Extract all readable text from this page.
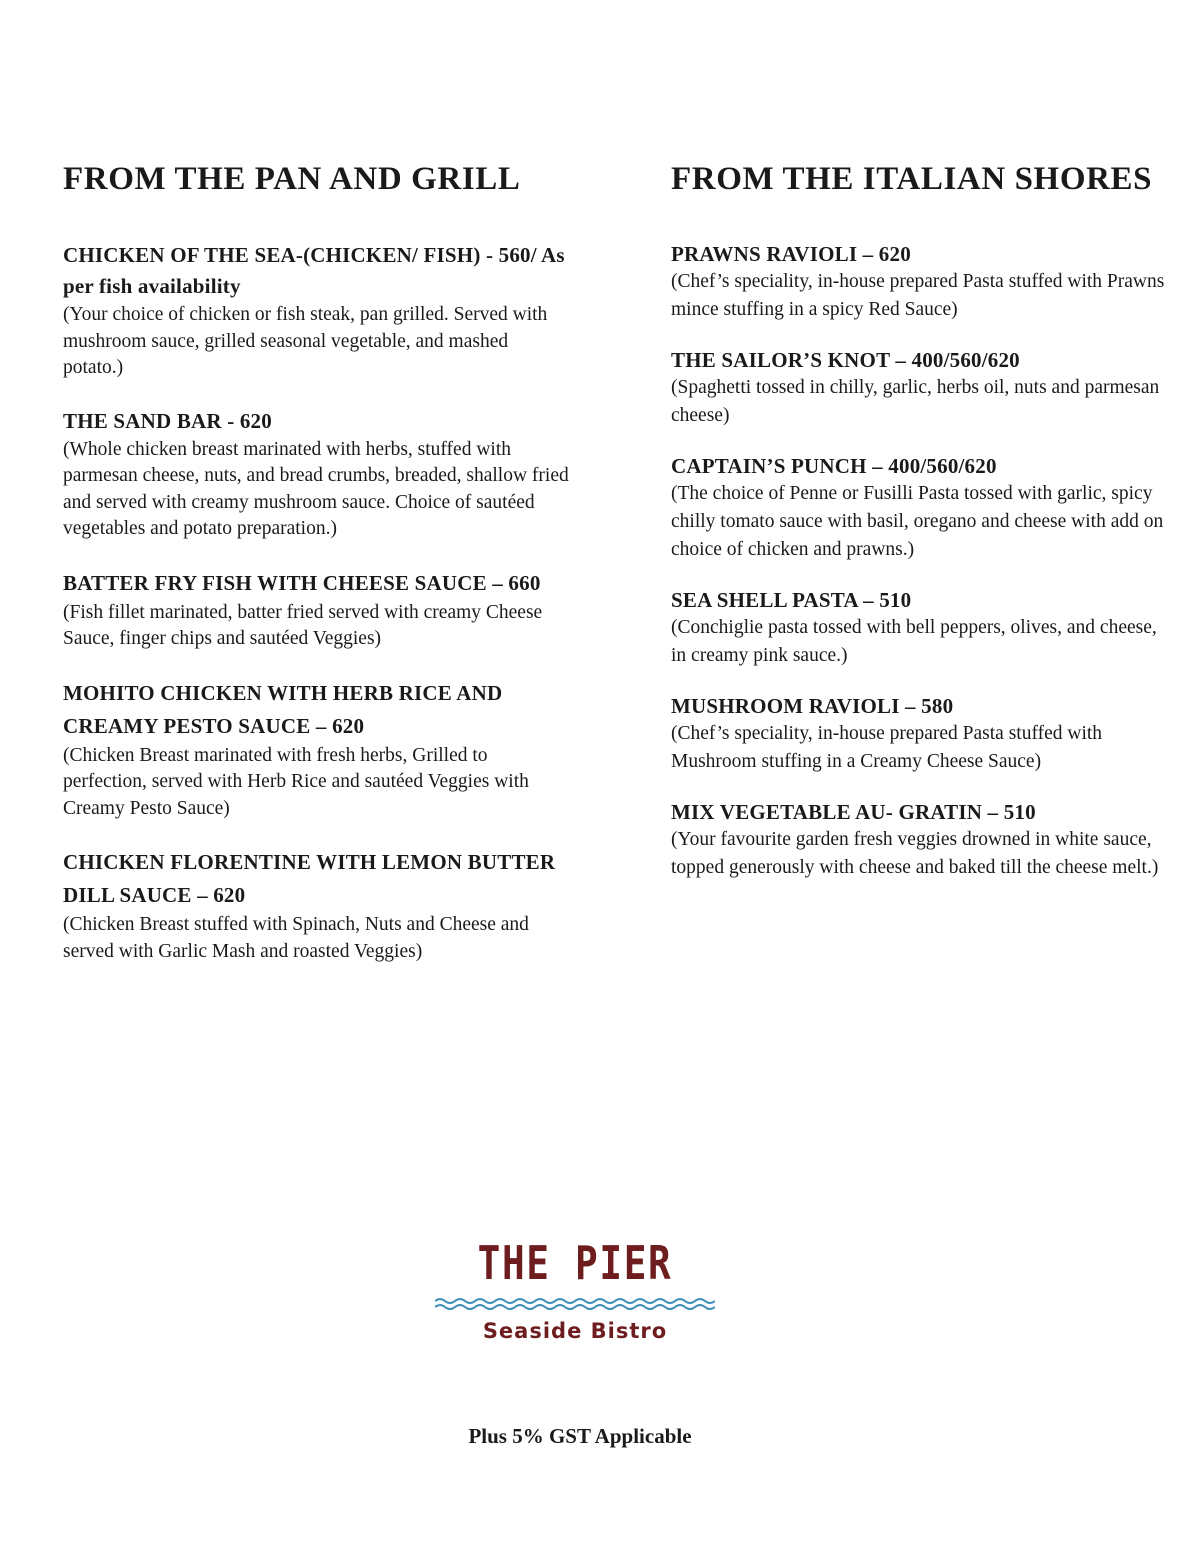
FROM THE PAN AND GRILL
CHICKEN OF THE SEA-(CHICKEN/ FISH) - 560/ As per fish availability
(Your choice of chicken or fish steak, pan grilled. Served with mushroom sauce, grilled seasonal vegetable, and mashed potato.)
THE SAND BAR - 620
(Whole chicken breast marinated with herbs, stuffed with parmesan cheese, nuts, and bread crumbs, breaded, shallow fried and served with creamy mushroom sauce. Choice of sautéed vegetables and potato preparation.)
BATTER FRY FISH WITH CHEESE SAUCE – 660
(Fish fillet marinated, batter fried served with creamy Cheese Sauce, finger chips and sautéed Veggies)
MOHITO CHICKEN WITH HERB RICE AND CREAMY PESTO SAUCE – 620
(Chicken Breast marinated with fresh herbs, Grilled to perfection, served with Herb Rice and sautéed Veggies with Creamy Pesto Sauce)
CHICKEN FLORENTINE WITH LEMON BUTTER DILL SAUCE – 620
(Chicken Breast stuffed with Spinach, Nuts and Cheese and served with Garlic Mash and roasted Veggies)
FROM THE ITALIAN SHORES
PRAWNS RAVIOLI – 620
(Chef’s speciality, in-house prepared Pasta stuffed with Prawns mince stuffing in a spicy Red Sauce)
THE SAILOR’S KNOT – 400/560/620
(Spaghetti tossed in chilly, garlic, herbs oil, nuts and parmesan cheese)
CAPTAIN’S PUNCH – 400/560/620
(The choice of Penne or Fusilli Pasta tossed with garlic, spicy chilly tomato sauce with basil, oregano and cheese with add on choice of chicken and prawns.)
SEA SHELL PASTA – 510
(Conchiglie pasta tossed with bell peppers, olives, and cheese, in creamy pink sauce.)
MUSHROOM RAVIOLI – 580
(Chef’s speciality, in-house prepared Pasta stuffed with Mushroom stuffing in a Creamy Cheese Sauce)
MIX VEGETABLE AU- GRATIN – 510
(Your favourite garden fresh veggies drowned in white sauce, topped generously with cheese and baked till the cheese melt.)
THE PIER
Seaside Bistro
Plus 5% GST Applicable
